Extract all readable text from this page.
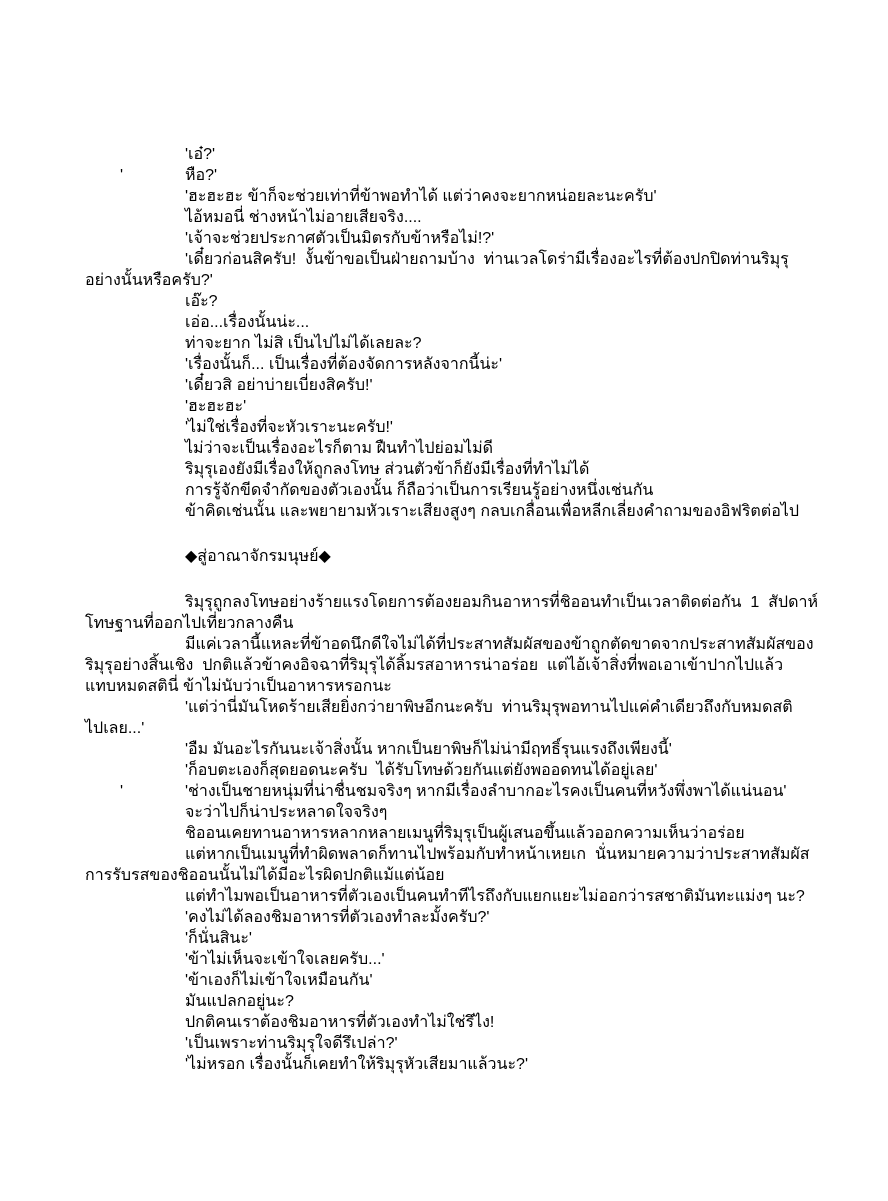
'เอ๋?'
'	หือ?'
'ฮะฮะฮะ ข้าก็จะช่วยเท่าที่ข้าพอทำได้ แต่ว่าคงจะยากหน่อยละนะครับ'
ไอ้หมอนี่ ช่างหน้าไม่อายเสียจริง....
'เจ้าจะช่วยประกาศตัวเป็นมิตรกับข้าหรือไม่!?'
'เดี๋ยวก่อนสิครับ!  งั้นข้าขอเป็นฝ่ายถามบ้าง  ท่านเวลโดร่ามีเรื่องอะไรที่ต้องปกปิดท่านริมุรุ
อย่างนั้นหรือครับ?'
เอ๊ะ?
เอ่อ...เรื่องนั้นน่ะ...
ท่าจะยาก ไม่สิ เป็นไปไม่ได้เลยละ?
'เรื่องนั้นก็... เป็นเรื่องที่ต้องจัดการหลังจากนี้น่ะ'
'เดี๋ยวสิ อย่าบ่ายเบี่ยงสิครับ!'
'ฮะฮะฮะ'
'ไม่ใช่เรื่องที่จะหัวเราะนะครับ!'
ไม่ว่าจะเป็นเรื่องอะไรก็ตาม ฝืนทำไปย่อมไม่ดี
ริมุรุเองยังมีเรื่องให้ถูกลงโทษ ส่วนตัวข้าก็ยังมีเรื่องที่ทำไม่ได้
การรู้จักขีดจำกัดของตัวเองนั้น ก็ถือว่าเป็นการเรียนรู้อย่างหนึ่งเช่นกัน
ข้าคิดเช่นนั้น และพยายามหัวเราะเสียงสูงๆ กลบเกลื่อนเพื่อหลีกเลี่ยงคำถามของอิฟริตต่อไป
◆สู่อาณาจักรมนุษย์◆
ริมุรุถูกลงโทษอย่างร้ายแรงโดยการต้องยอมกินอาหารที่ชิออนทำเป็นเวลาติดต่อกัน  1  สัปดาห์
โทษฐานที่ออกไปเที่ยวกลางคืน
มีแค่เวลานี้แหละที่ข้าอดนึกดีใจไม่ได้ที่ประสาทสัมผัสของข้าถูกตัดขาดจากประสาทสัมผัสของ
ริมุรุอย่างสิ้นเชิง  ปกติแล้วข้าคงอิจฉาที่ริมุรุได้ลิ้มรสอาหารน่าอร่อย  แต่ไอ้เจ้าสิ่งที่พอเอาเข้าปากไปแล้ว
แทบหมดสตินี่ ข้าไม่นับว่าเป็นอาหารหรอกนะ
'แต่ว่านี่มันโหดร้ายเสียยิ่งกว่ายาพิษอีกนะครับ  ท่านริมุรุพอทานไปแค่คำเดียวถึงกับหมดสติ
ไปเลย...'
'อืม มันอะไรกันนะเจ้าสิ่งนั้น หากเป็นยาพิษก็ไม่น่ามีฤทธิ์รุนแรงถึงเพียงนี้'
'ก็อบตะเองก็สุดยอดนะครับ  ได้รับโทษด้วยกันแต่ยังพออดทนได้อยู่เลย'
'	'ช่างเป็นชายหนุ่มที่น่าชื่นชมจริงๆ หากมีเรื่องลำบากอะไรคงเป็นคนที่หวังพึ่งพาได้แน่นอน'
จะว่าไปก็น่าประหลาดใจจริงๆ
ชิออนเคยทานอาหารหลากหลายเมนูที่ริมุรุเป็นผู้เสนอขึ้นแล้วออกความเห็นว่าอร่อย
แต่หากเป็นเมนูที่ทำผิดพลาดก็ทานไปพร้อมกับทำหน้าเหยเก  นั่นหมายความว่าประสาทสัมผัส
การรับรสของชิออนนั้นไม่ได้มีอะไรผิดปกติแม้แต่น้อย
แต่ทำไมพอเป็นอาหารที่ตัวเองเป็นคนทำทีไรถึงกับแยกแยะไม่ออกว่ารสชาติมันทะแม่งๆ นะ?
'คงไม่ได้ลองชิมอาหารที่ตัวเองทำละมั้งครับ?'
'ก็นั่นสินะ'
'ข้าไม่เห็นจะเข้าใจเลยครับ...'
'ข้าเองก็ไม่เข้าใจเหมือนกัน'
มันแปลกอยู่นะ?
ปกติคนเราต้องชิมอาหารที่ตัวเองทำไม่ใช่รึไง!
'เป็นเพราะท่านริมุรุใจดีรึเปล่า?'
'ไม่หรอก เรื่องนั้นก็เคยทำให้ริมุรุหัวเสียมาแล้วนะ?'
